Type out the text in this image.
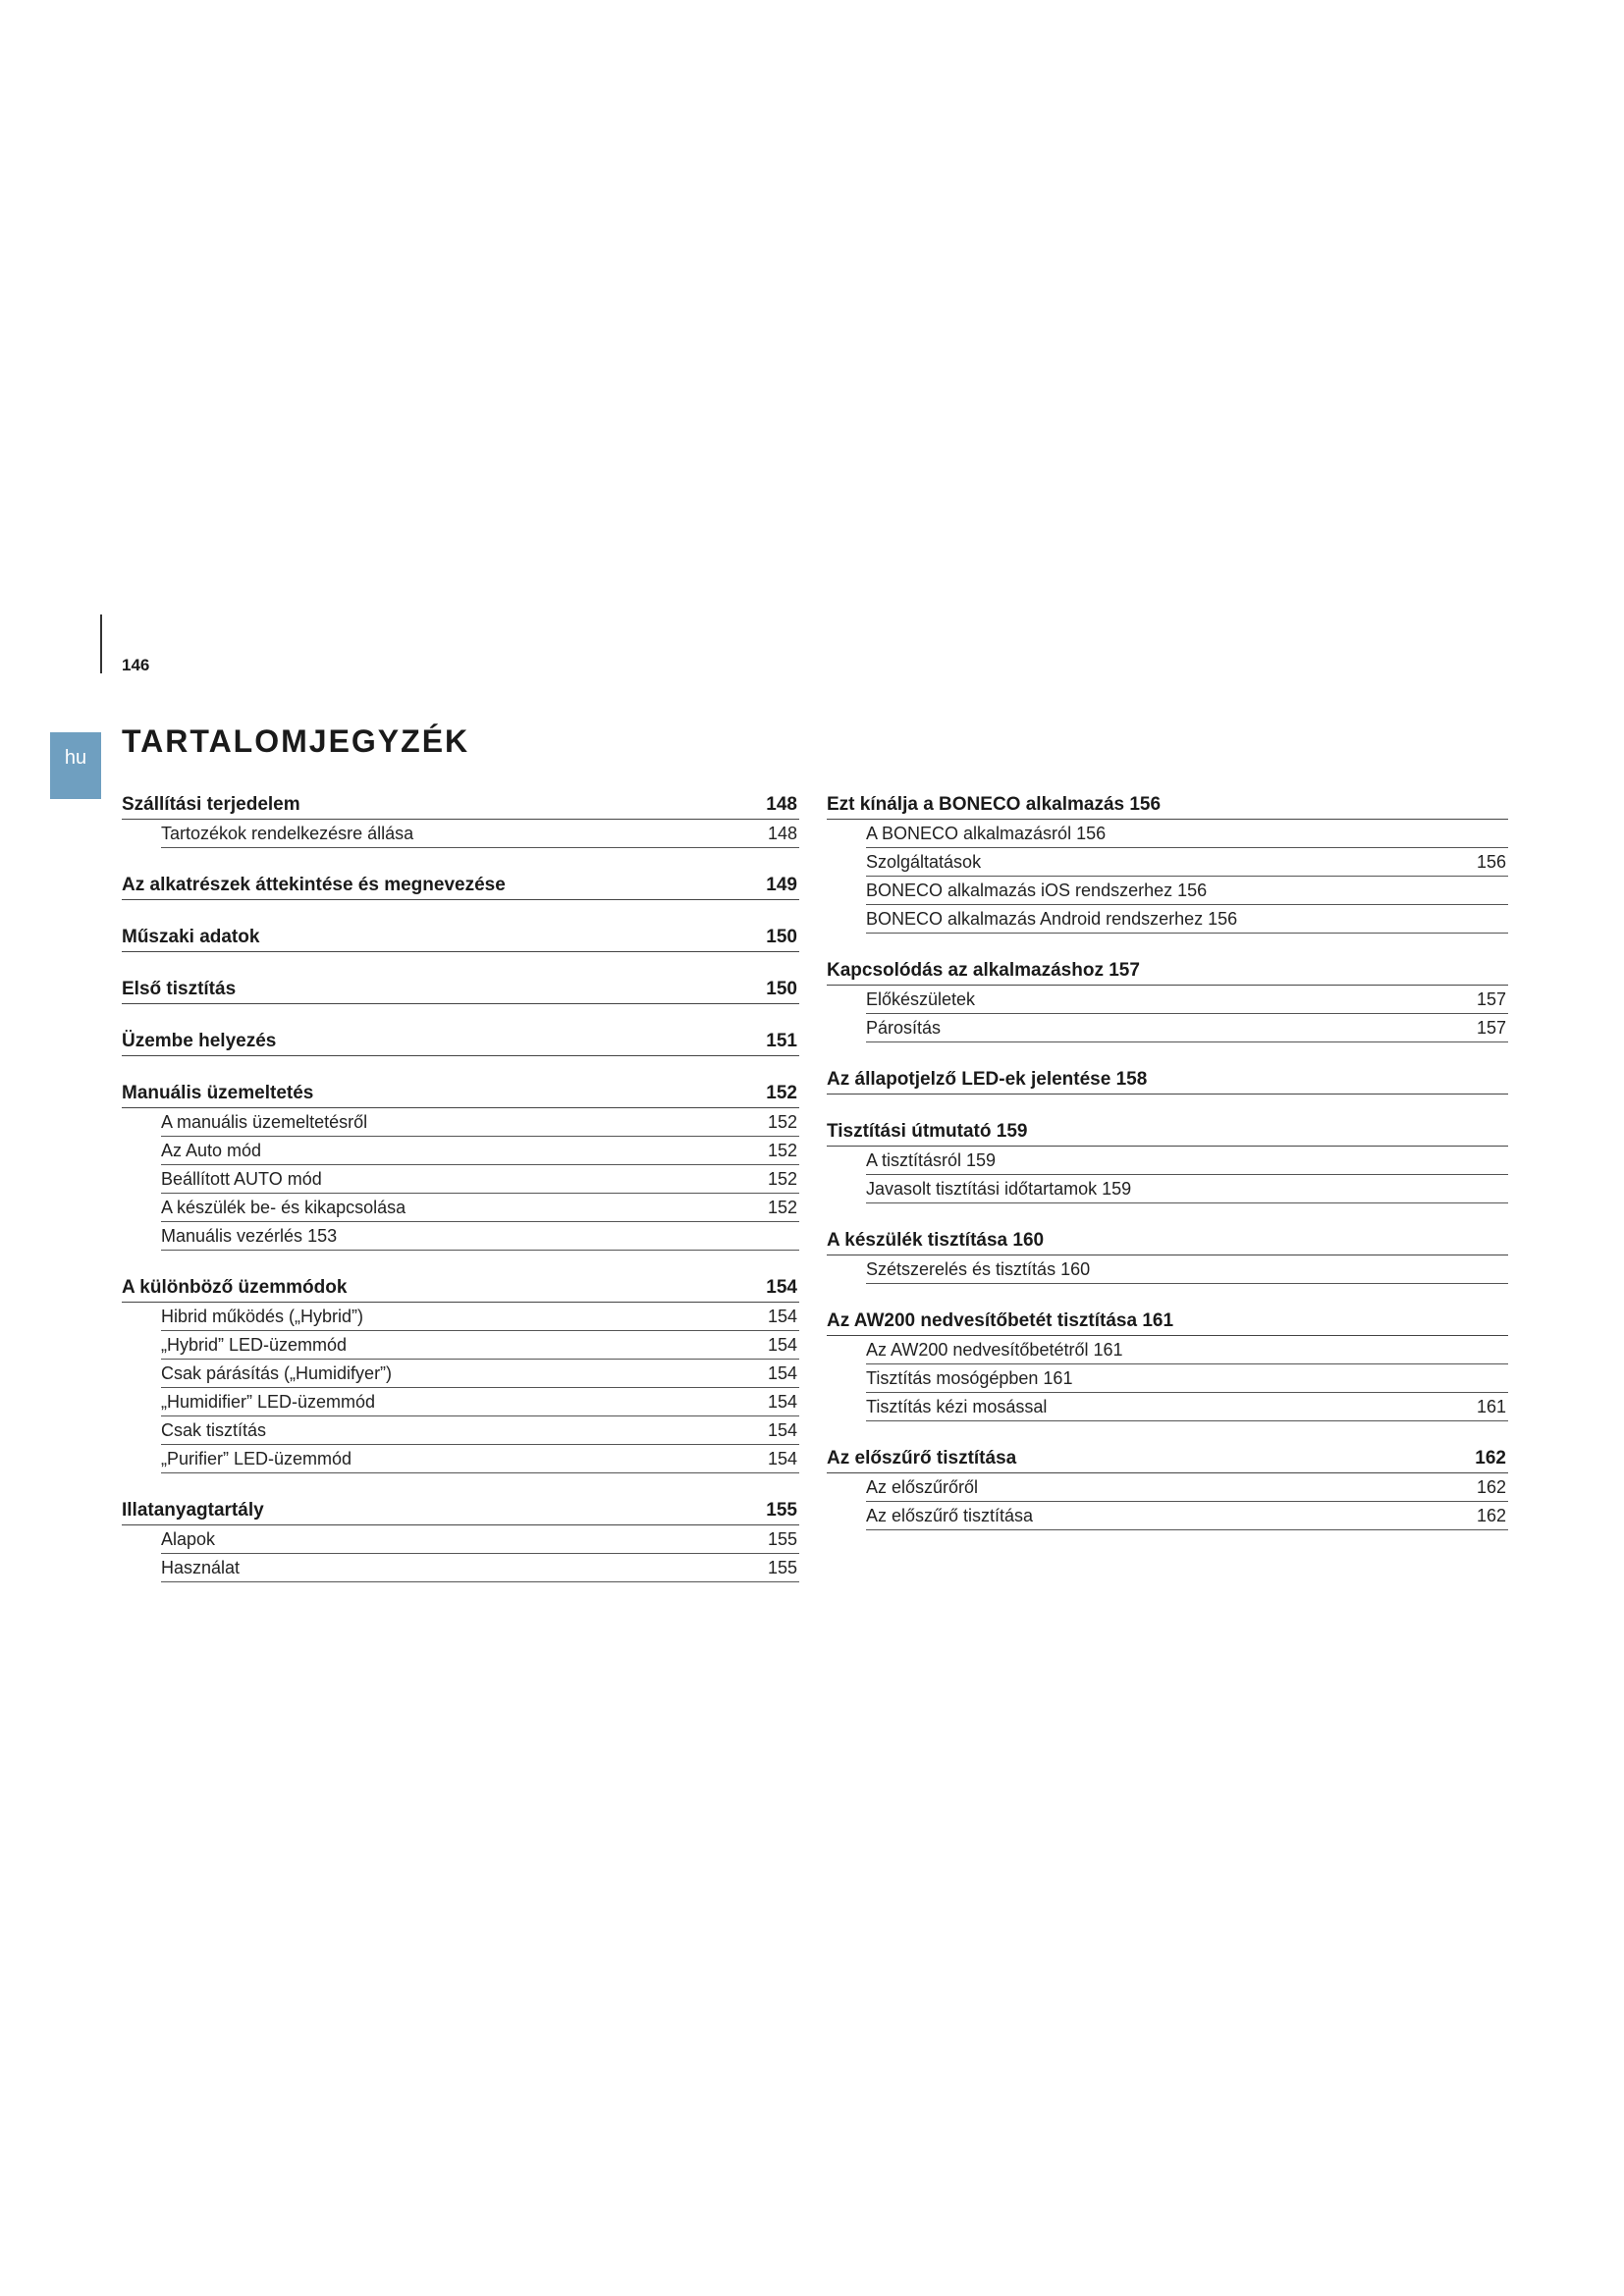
146
hu	TARTALOMJEGYZÉK
Szállítási terjedelem	148
Tartozékok rendelkezésre állása	148
Az alkatrészek áttekintése és megnevezése	149
Műszaki adatok	150
Első tisztítás	150
Üzembe helyezés	151
Manuális üzemeltetés	152
A manuális üzemeltetésről	152
Az Auto mód	152
Beállított AUTO mód	152
A készülék be- és kikapcsolása	152
Manuális vezérlés 153
A különböző üzemmódok	154
Hibrid működés („Hybrid”)	154
„Hybrid” LED-üzemmód	154
Csak párásítás („Humidifyer”)	154
„Humidifier” LED-üzemmód	154
Csak tisztítás	154
„Purifier” LED-üzemmód	154
Illatanyagtartály	155
Alapok	155
Használat	155
Ezt kínálja a BONECO alkalmazás 156
A BONECO alkalmazásról 156
Szolgáltatások	156
BONECO alkalmazás iOS rendszerhez 156
BONECO alkalmazás Android rendszerhez 156
Kapcsolódás az alkalmazáshoz 157
Előkészületek	157
Párosítás	157
Az állapotjelző LED-ek jelentése 158
Tisztítási útmutató 159
A tisztításról 159
Javasolt tisztítási időtartamok 159
A készülék tisztítása 160
Szétszerelés és tisztítás 160
Az AW200 nedvesítőbetét tisztítása 161
Az AW200 nedvesítőbetétről 161
Tisztítás mosógépben 161
Tisztítás kézi mosással	161
Az előszűrő tisztítása	162
Az előszűrőről	162
Az előszűrő tisztítása	162
